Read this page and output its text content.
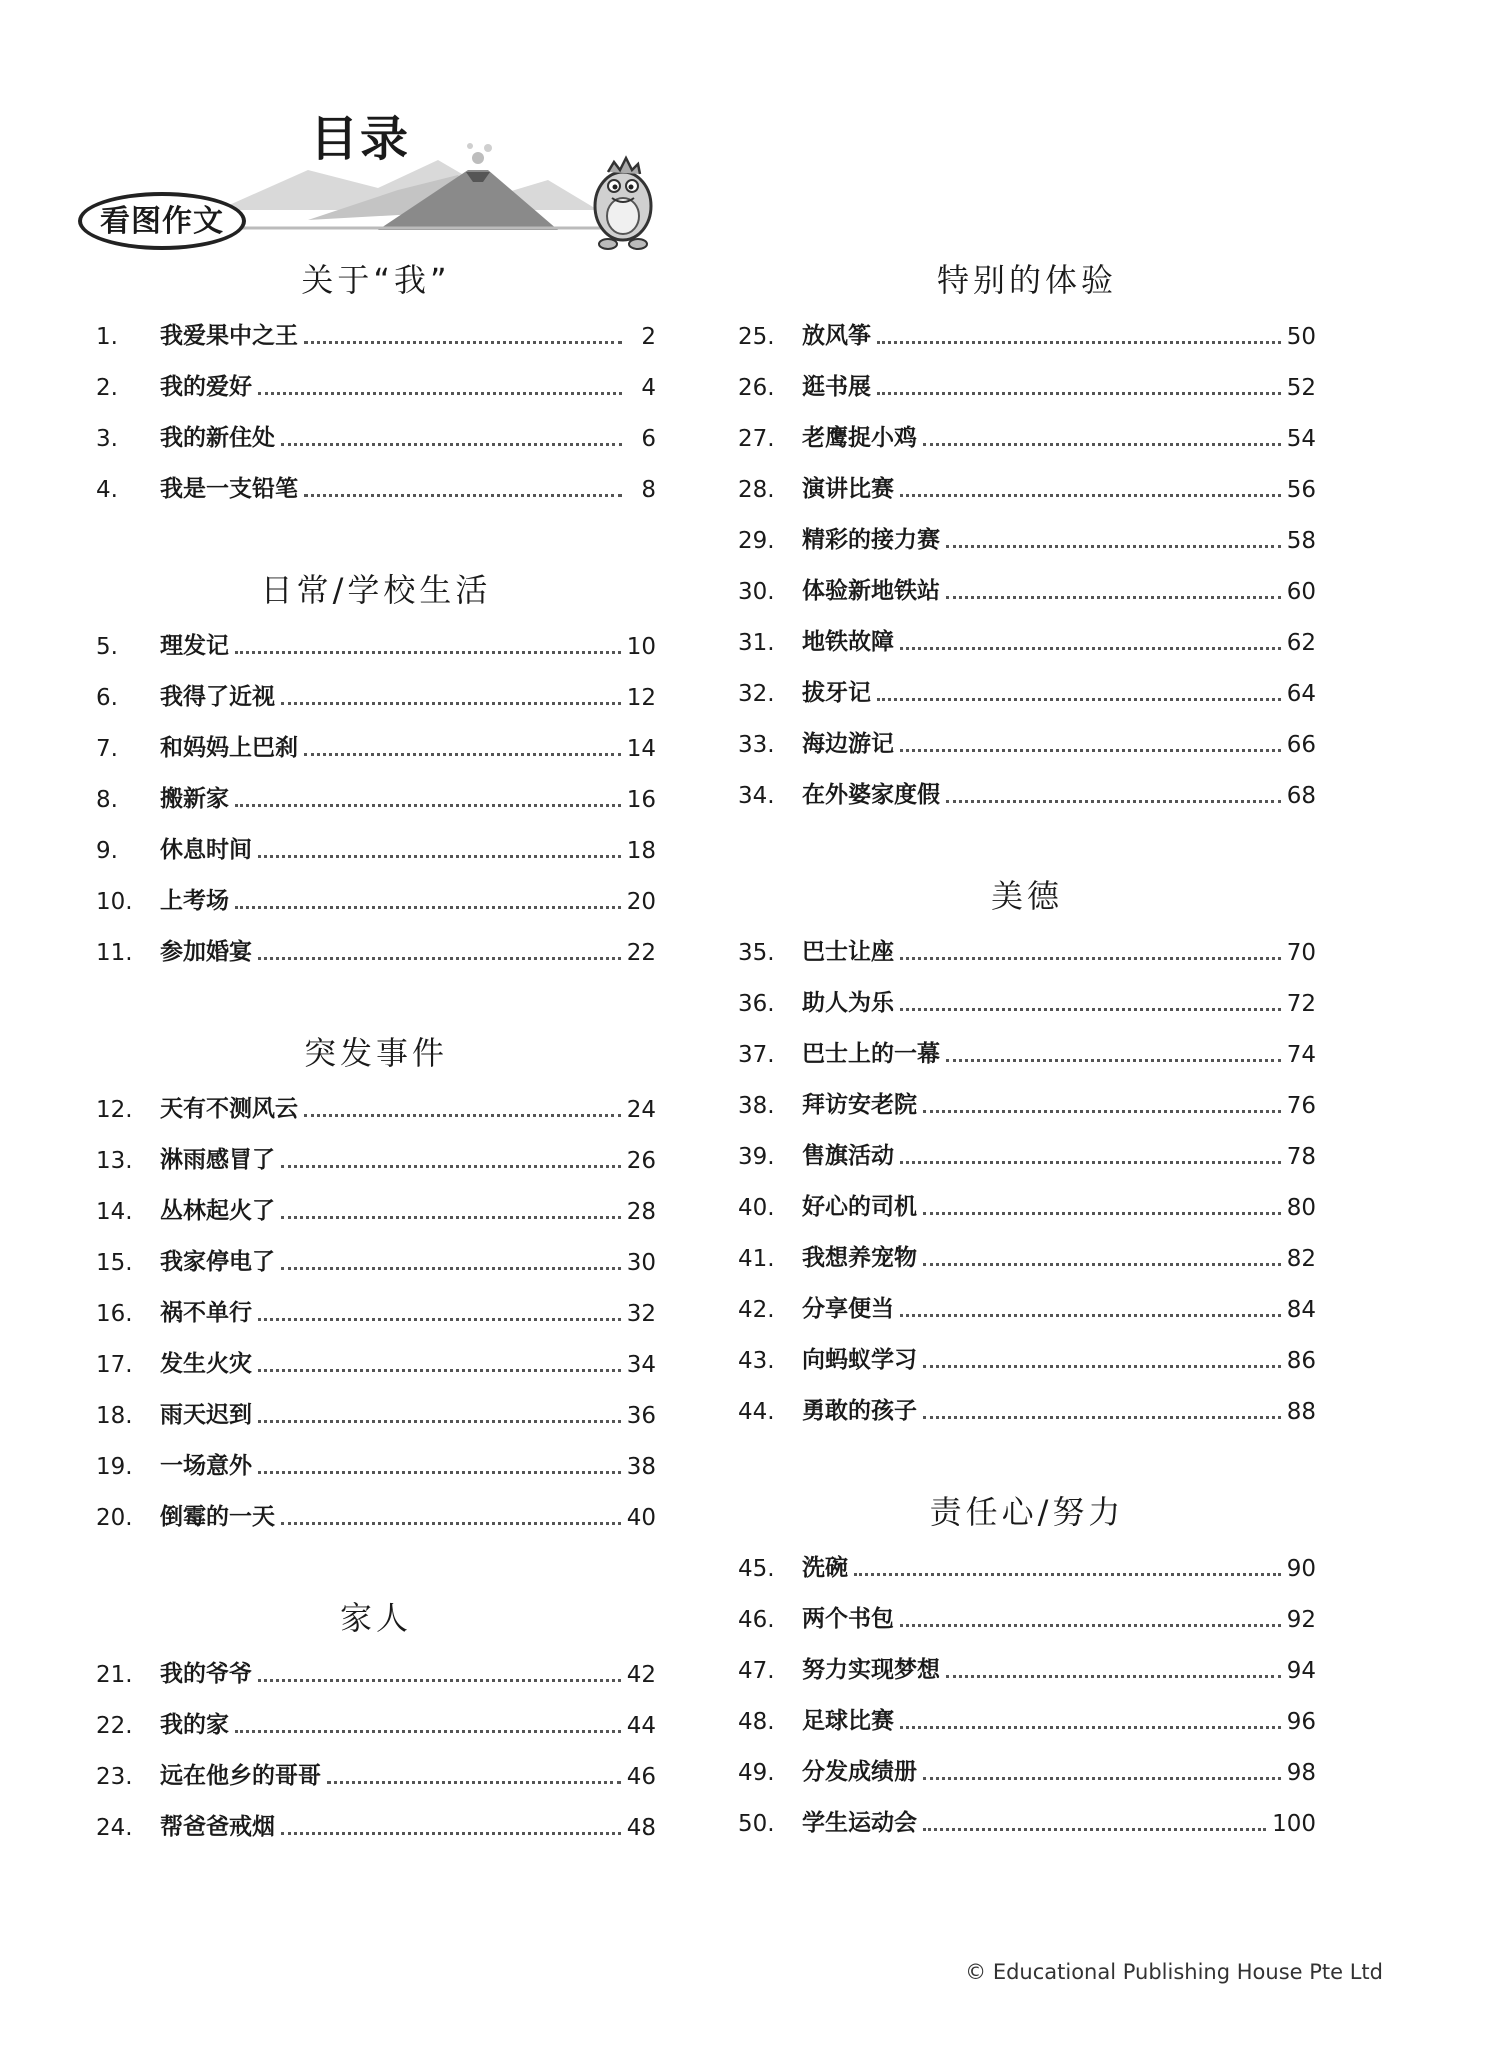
目录
看图作文
关于“我”
1.	我爱果中之王	2
2.	我的爱好	4
3.	我的新住处	6
4.	我是一支铅笔	8
日常/学校生活
5.	理发记	10
6.	我得了近视	12
7.	和妈妈上巴刹	14
8.	搬新家	16
9.	休息时间	18
10.	上考场	20
11.	参加婚宴	22
突发事件
12.	天有不测风云	24
13.	淋雨感冒了	26
14.	丛林起火了	28
15.	我家停电了	30
16.	祸不单行	32
17.	发生火灾	34
18.	雨天迟到	36
19.	一场意外	38
20.	倒霉的一天	40
家人
21.	我的爷爷	42
22.	我的家	44
23.	远在他乡的哥哥	46
24.	帮爸爸戒烟	48
特别的体验
25.	放风筝	50
26.	逛书展	52
27.	老鹰捉小鸡	54
28.	演讲比赛	56
29.	精彩的接力赛	58
30.	体验新地铁站	60
31.	地铁故障	62
32.	拔牙记	64
33.	海边游记	66
34.	在外婆家度假	68
美德
35.	巴士让座	70
36.	助人为乐	72
37.	巴士上的一幕	74
38.	拜访安老院	76
39.	售旗活动	78
40.	好心的司机	80
41.	我想养宠物	82
42.	分享便当	84
43.	向蚂蚁学习	86
44.	勇敢的孩子	88
责任心/努力
45.	洗碗	90
46.	两个书包	92
47.	努力实现梦想	94
48.	足球比赛	96
49.	分发成绩册	98
50.	学生运动会	100
© Educational Publishing House Pte Ltd
